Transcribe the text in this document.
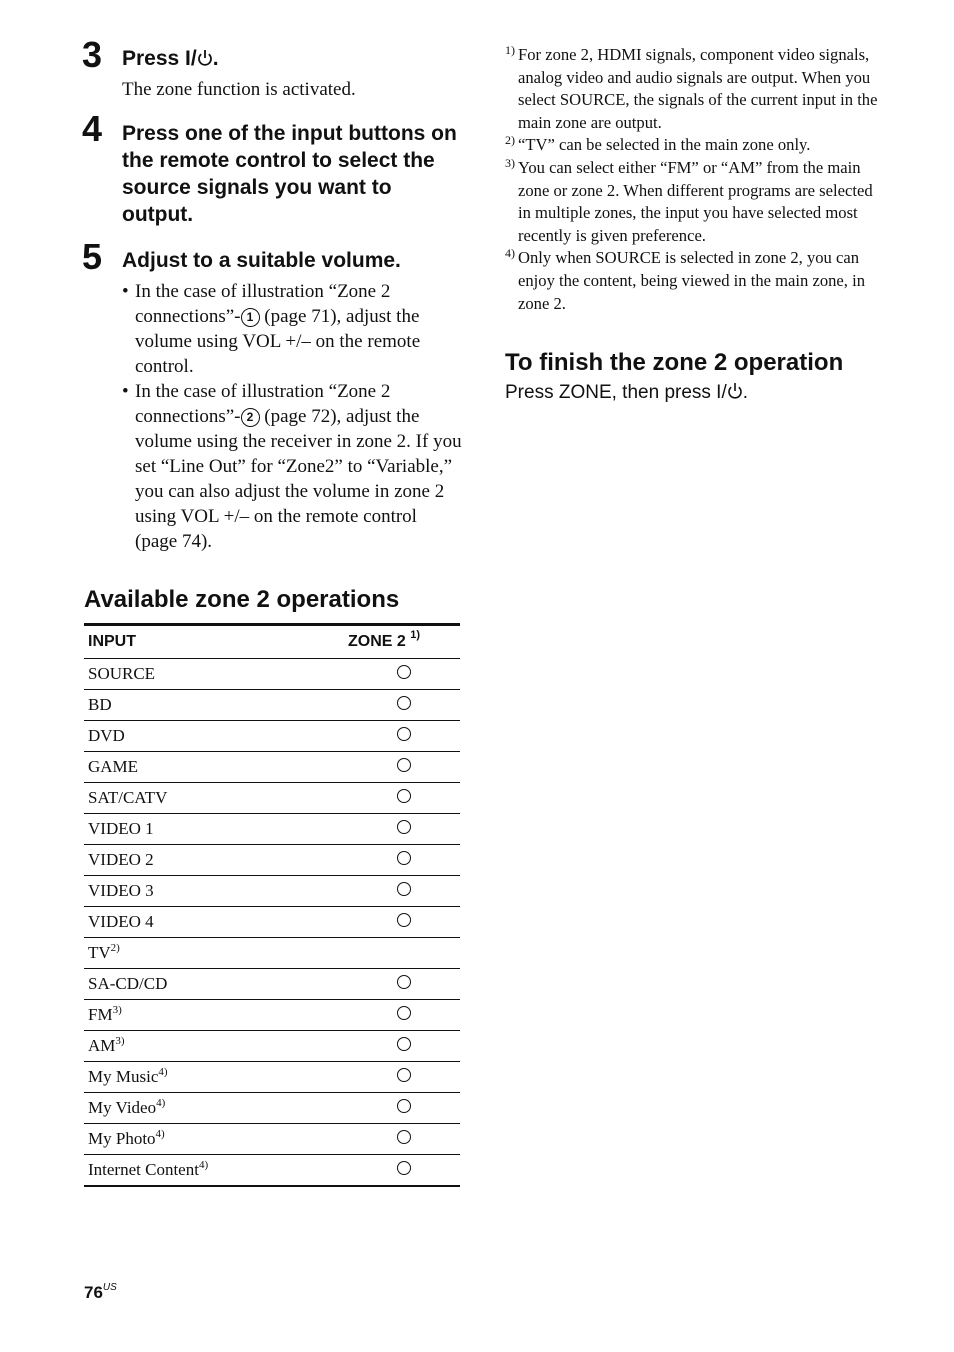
3 Press I/ .
The zone function is activated.
4 Press one of the input buttons on the remote control to select the source signals you want to output.
5 Adjust to a suitable volume.
• In the case of illustration “Zone 2 connections”- 1 (page 71), adjust the volume using VOL +/– on the remote control.
• In the case of illustration “Zone 2 connections”- 2 (page 72), adjust the volume using the receiver in zone 2. If you set “Line Out” for “Zone2” to “Variable,” you can also adjust the volume in zone 2 using VOL +/– on the remote control (page 74).
Available zone 2 operations
INPUT	ZONE 2 $^{1)}$
SOURCE
BD
DVD
GAME
SAT/CATV
VIDEO 1
VIDEO 2
VIDEO 3
VIDEO 4
TV$^{2)}$
SA-CD/CD
FM$^{3)}$
AM$^{3)}$
My Music$^{4)}$
My Video$^{4)}$
My Photo$^{4)}$
Internet Content$^{4)}$
1) For zone 2, HDMI signals, component video signals, analog video and audio signals are output. When you select SOURCE, the signals of the current input in the main zone are output.
2) “TV” can be selected in the main zone only.
3) You can select either “FM” or “AM” from the main zone or zone 2. When different programs are selected in multiple zones, the input you have selected most recently is given preference.
4) Only when SOURCE is selected in zone 2, you can enjoy the content, being viewed in the main zone, in zone 2.
To finish the zone 2 operation
Press ZONE, then press I/ .
$76^{US}$
